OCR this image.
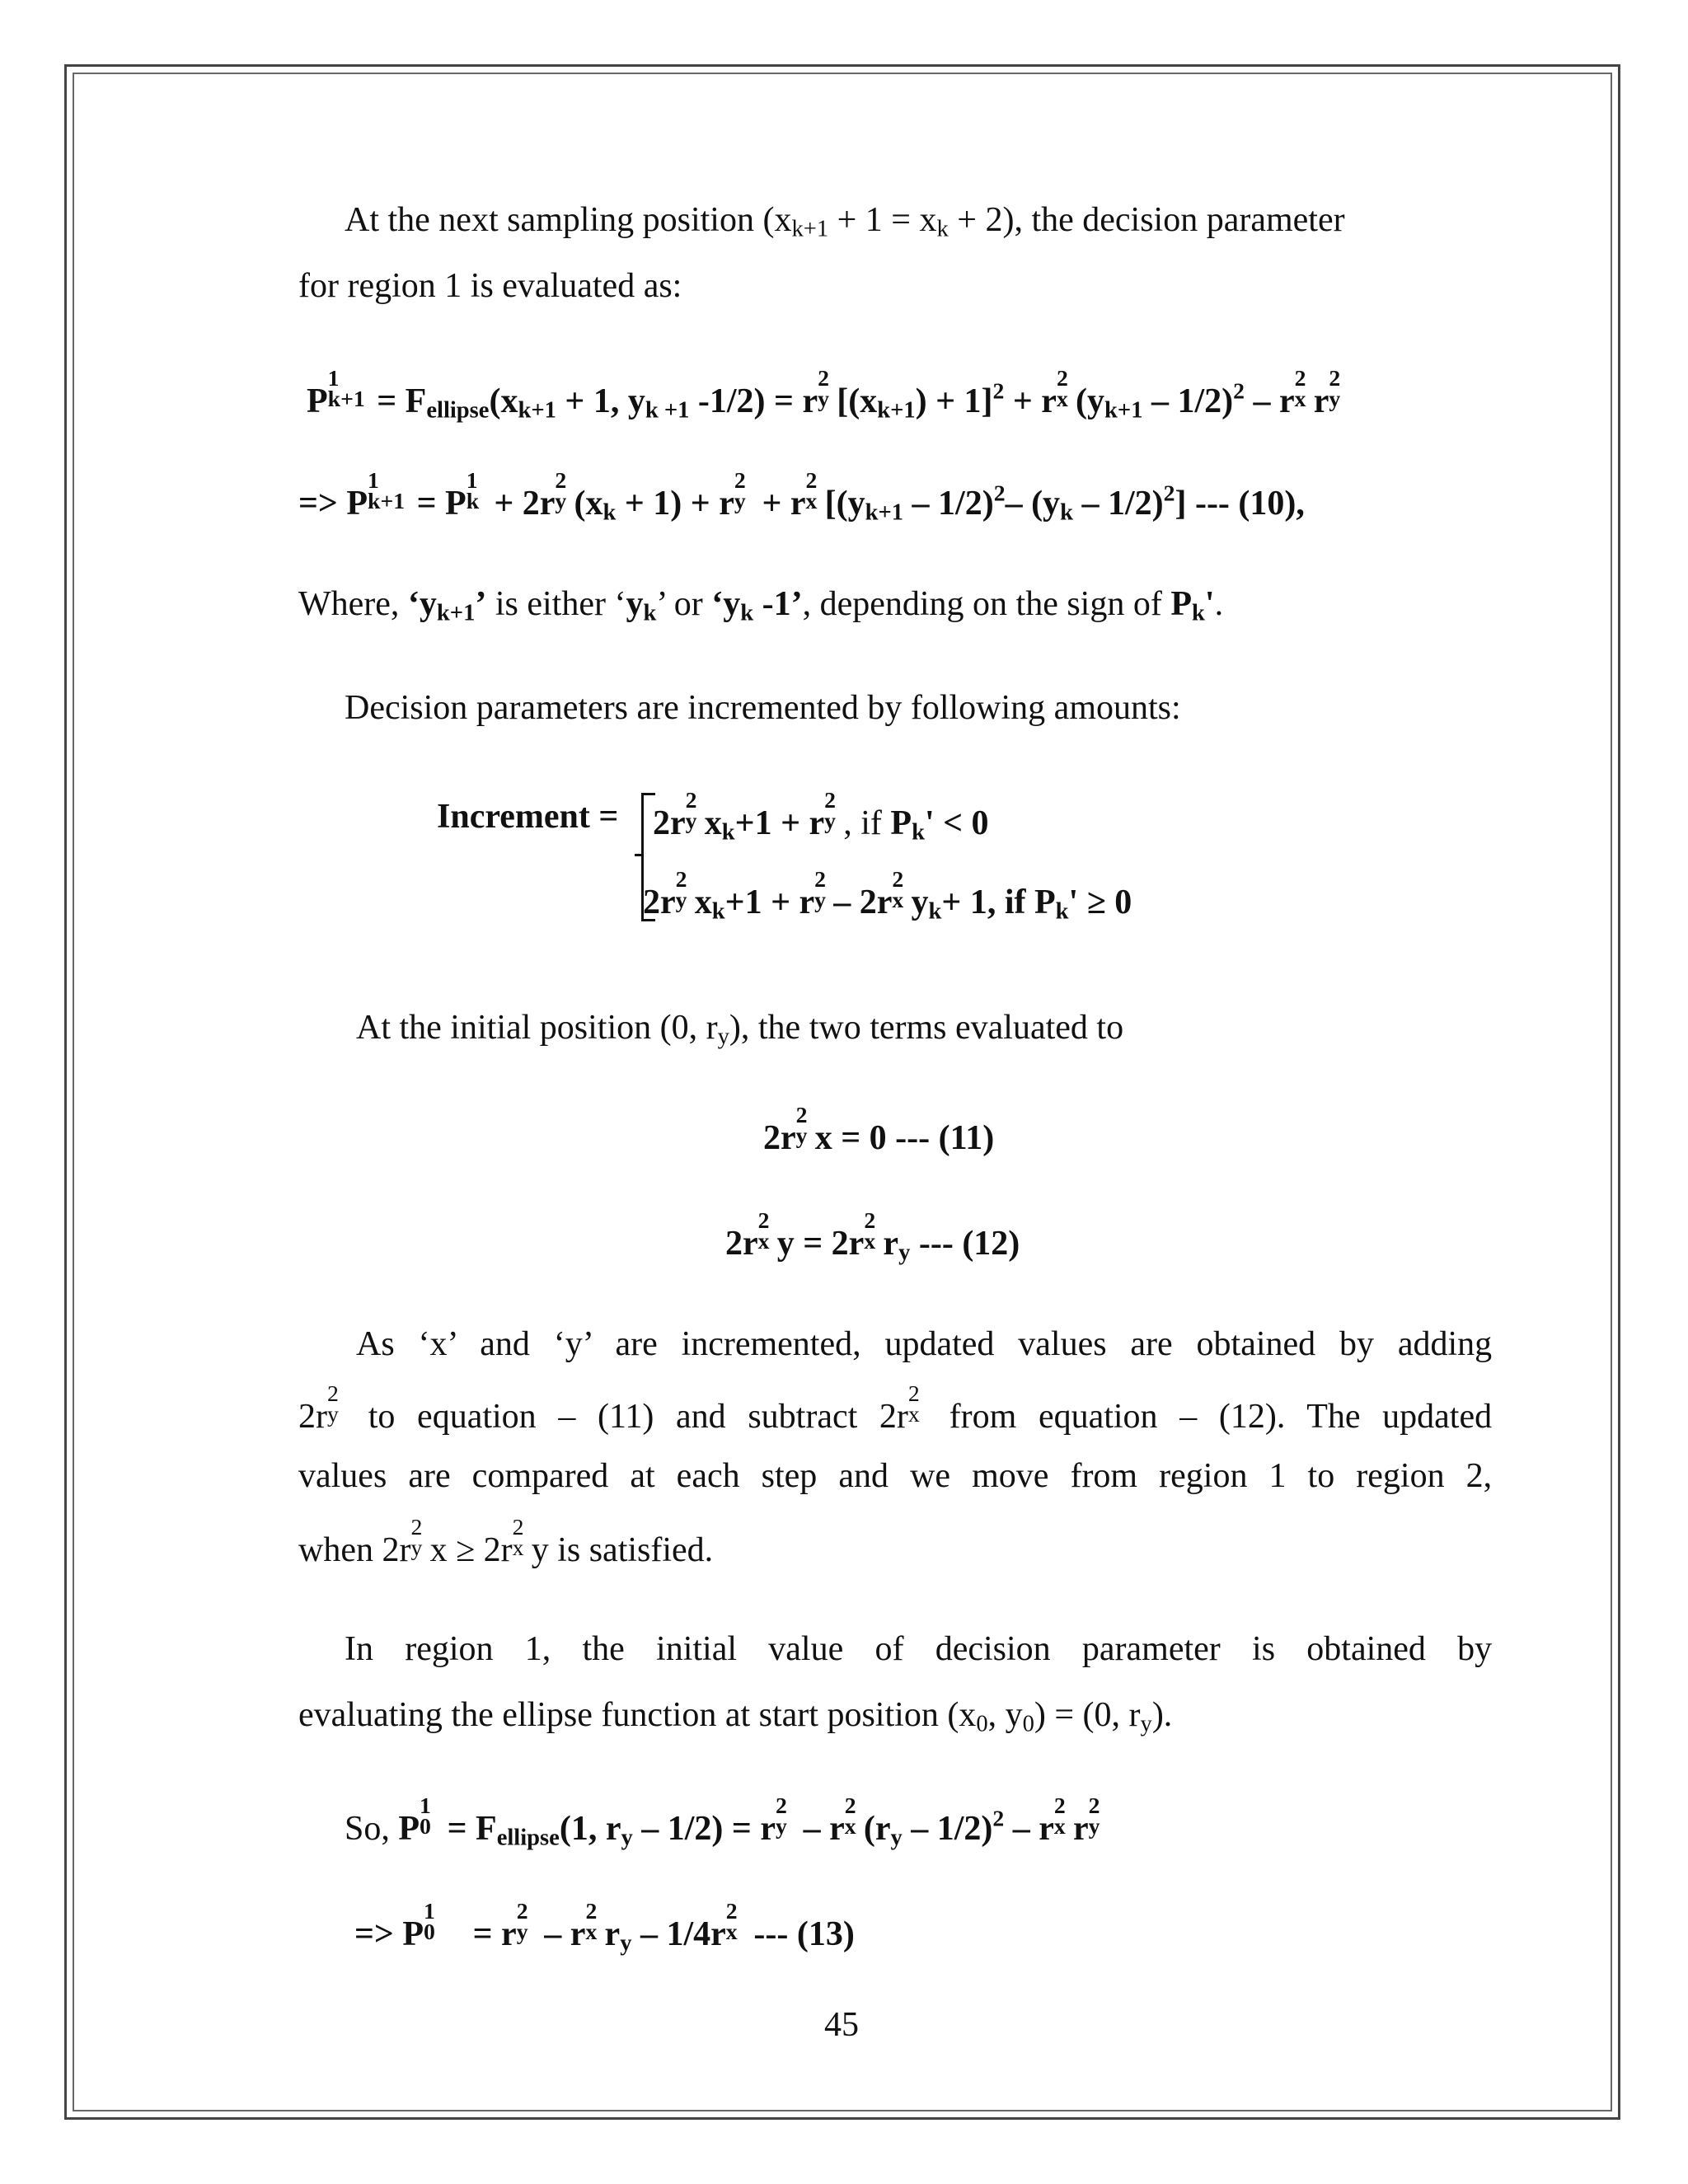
At the next sampling position $(x_{k+1} + 1 = x_k + 2)$, the decision parameter
for region 1 is evaluated as:
P
1
$k+1 = F_{ellipse}(x_{k+1} + 1$, $y_{k +1}$ -1/2) = r
2
y $[(x_{k+1}) + 1]^2 + r$
2
x $(y_{k+1} - 1/2)^2$ – r
2
x r
2
y
=> P
1
k+1 = P
1
k + 2r
2
y $(x_k + 1) + r$
2
y + r
2
x [$(y_{k+1} - 1/2)^2-$ $(y_k - 1/2)^2$] --- (10),
Where, ‘$y_{k+1}$’ is either ‘$y_k$’ or ‘$y_k$ -1’, depending on the sign of $P_k'$.
Decision parameters are incremented by following amounts:
Increment = 2r
2
y $x_k+1 + r$
2
y , if $P_k' < 0$
2r
2
y $x_k+1 + r$
2
y – 2r
2
x $y_k+ 1$, if $P_k' \ge 0$
At the initial position (0, $r_y$), the two terms evaluated to
2r
2
y x = 0 --- (11)
2r
2
x y = 2r
2
x $r_y$ --- (12)
As ‘x’ and ‘y’ are incremented, updated values are obtained by adding
2r
2
y to equation – (11) and subtract 2r
2
x from equation – (12). The updated
values are compared at each step and we move from region 1 to region 2,
when 2r
2
y x ≥ 2r
2
x y is satisfied.
In region 1, the initial value of decision parameter is obtained by
evaluating the ellipse function at start position ($x_0$, $y_0) = (0$, $r_y$).
So, P
1
$0 = F_{ellipse}(1$, $r_y - 1/2) = r$
2
y – r
2
x $(r_y - 1/2)^2$ – r
2
x r
2
y
=> P
1
0 = r
2
y – r
2
x $r_y - 1/4r$
2
x --- (13)
45
